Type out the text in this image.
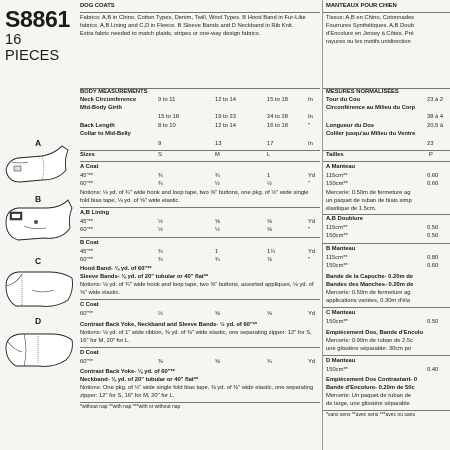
S8861
16 PIECES
A
B
C
D
DOG COATS
Fabrics: A,B in Chino, Cotton Types, Denim, Twill, Wool Types. B Hood Band in Fur-Like
fabrics. A,B Lining and C,D in Fleece. B Sleeve Bands and D Neckband in Rib Knit.
Extra fabric needed to match plaids, stripes or one-way design fabrics.
BODY MEASUREMENTS
Neck Circumference	9 to 11	12 to 14	15 to 18	In
Mid-Body Girth
15 to 18	19 to 23	24 to 28	In
Back Length	8 to 10	12 to 14	16 to 18	"
Collar to Mid-Belly
9	13	17	In
Sizes	S	M	L
A Coat
45"**	¾	¾	1	Yd
60"**	¾	½	½	"
Notions: ⅛ yd. of ¾" wide hook and loop tape, two ⅝" buttons, one pkg. of ½" wide single
fold bias tape, ⅛ yd. of ⅝" wide elastic.
A,B Lining
45"**	½	⅝	⅝	Yd
60"**	½	½	⅝	"
B Coat
45"**	¾	1	1¼	Yd
60"**	¾	¾	⅞	"
Hood Band- ⅛ yd. of 60"**
Sleeve Bands- ⅛ yd. of 20" tubular or 40" flat**
Notions: ⅛ yd. of ¾" wide hook and loop tape, two ⅝" buttons, assorted appliques, ⅛ yd. of
⅝" wide elastic.
C Coat
60"**	½	⅝	⅝	Yd
Contrast Back Yoke, Neckband and Sleeve Bands- ½ yd. of 60"**
Notions: ⅛ yd. of 1" wide ribbon, ⅜ yd. of ⅜" wide elastic, one separating zipper: 12" for S,
16" for M, 20" for L.
D Coat
60"**	⅜	⅝	¾	Yd
Contrast Back Yoke- ⅛ yd. of 60"**
Neckband- ⅛ yd. of 20" tubular or 40" flat**
Notions: One pkg. of ½" wide single fold bias tape, ⅜ yd. of ⅜" wide elastic, one separating
zipper: 12" for S, 16" for M, 20" for L.
*without nap **with nap ***with or without nap
MANTEAUX POUR CHIEN
Tissus: A,B en Chino, Cotonnades
Fourrures Synthétiques. A,B Doub
d'Encolure en Jersey à Côtes. Pré
rayures ou les motifs unidirection
MESURES NORMALISÉES
Tour du Cou	23 à 2
Circonférence au Milieu du Corp
38 à 4
Longueur du Dos	20.5 à
Collier jusqu'au Milieu du Ventre
23
Tailles	P
A Manteau
115cm**	0.60
150cm**	0.60
Mercerie: 0.50m de fermeture ag
un paquet de ruban de biais simp
élastique de 1.5cm.
A,B Doublure
115cm**	0.50
150cm**	0.50
B Manteau
115cm**	0.80
150cm**	0.60
Bande de la Capuche- 0.20m de
Bandes des Manches- 0.20m de
Mercerie: 0.50m de fermeture ag
applications variées, 0.30m d'éla
C Manteau
150cm**	0.50
Empiècement Dos, Bande d'Encolu
Mercerie: 0.90m de ruban de 2.5c
une glissière séparable: 30cm po
D Manteau
150cm**	0.40
Empiècement Dos Contrastant- 0
Bande d'Encolure- 0.20m de 50c
Mercerie: Un paquet de ruban de
de large, une glissière séparable
*sans sens **avec sens ***avec ou sans
